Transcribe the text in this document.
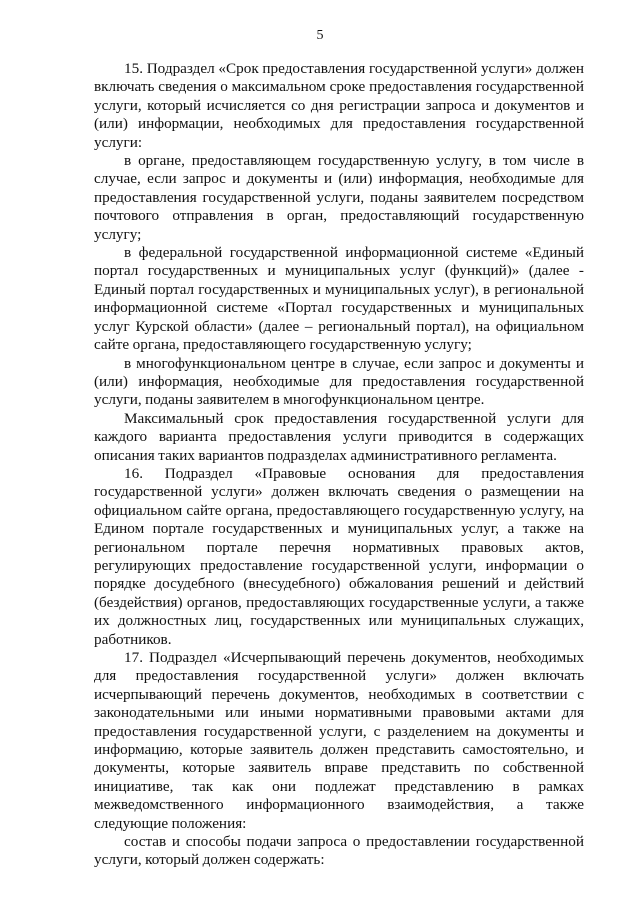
5

15. Подраздел «Срок предоставления государственной услуги» должен включать сведения о максимальном сроке предоставления государственной услуги, который исчисляется со дня регистрации запроса и документов и (или) информации, необходимых для предоставления государственной услуги:

в органе, предоставляющем государственную услугу, в том числе в случае, если запрос и документы и (или) информация, необходимые для предоставления государственной услуги, поданы заявителем посредством почтового отправления в орган, предоставляющий государственную услугу;

в федеральной государственной информационной системе «Единый портал государственных и муниципальных услуг (функций)» (далее - Единый портал государственных и муниципальных услуг), в региональной информационной системе «Портал государственных и муниципальных услуг Курской области» (далее – региональный портал), на официальном сайте органа, предоставляющего государственную услугу;

в многофункциональном центре в случае, если запрос и документы и (или) информация, необходимые для предоставления государственной услуги, поданы заявителем в многофункциональном центре.

Максимальный срок предоставления государственной услуги для каждого варианта предоставления услуги приводится в содержащих описания таких вариантов подразделах административного регламента.

16. Подраздел «Правовые основания для предоставления государственной услуги» должен включать сведения о размещении на официальном сайте органа, предоставляющего государственную услугу, на Едином портале государственных и муниципальных услуг, а также на региональном портале перечня нормативных правовых актов, регулирующих предоставление государственной услуги, информации о порядке досудебного (внесудебного) обжалования решений и действий (бездействия) органов, предоставляющих государственные услуги, а также их должностных лиц, государственных или муниципальных служащих, работников.

17. Подраздел «Исчерпывающий перечень документов, необходимых для предоставления государственной услуги» должен включать исчерпывающий перечень документов, необходимых в соответствии с законодательными или иными нормативными правовыми актами для предоставления государственной услуги, с разделением на документы и информацию, которые заявитель должен представить самостоятельно, и документы, которые заявитель вправе представить по собственной инициативе, так как они подлежат представлению в рамках межведомственного информационного взаимодействия, а также следующие положения:

состав и способы подачи запроса о предоставлении государственной услуги, который должен содержать:
